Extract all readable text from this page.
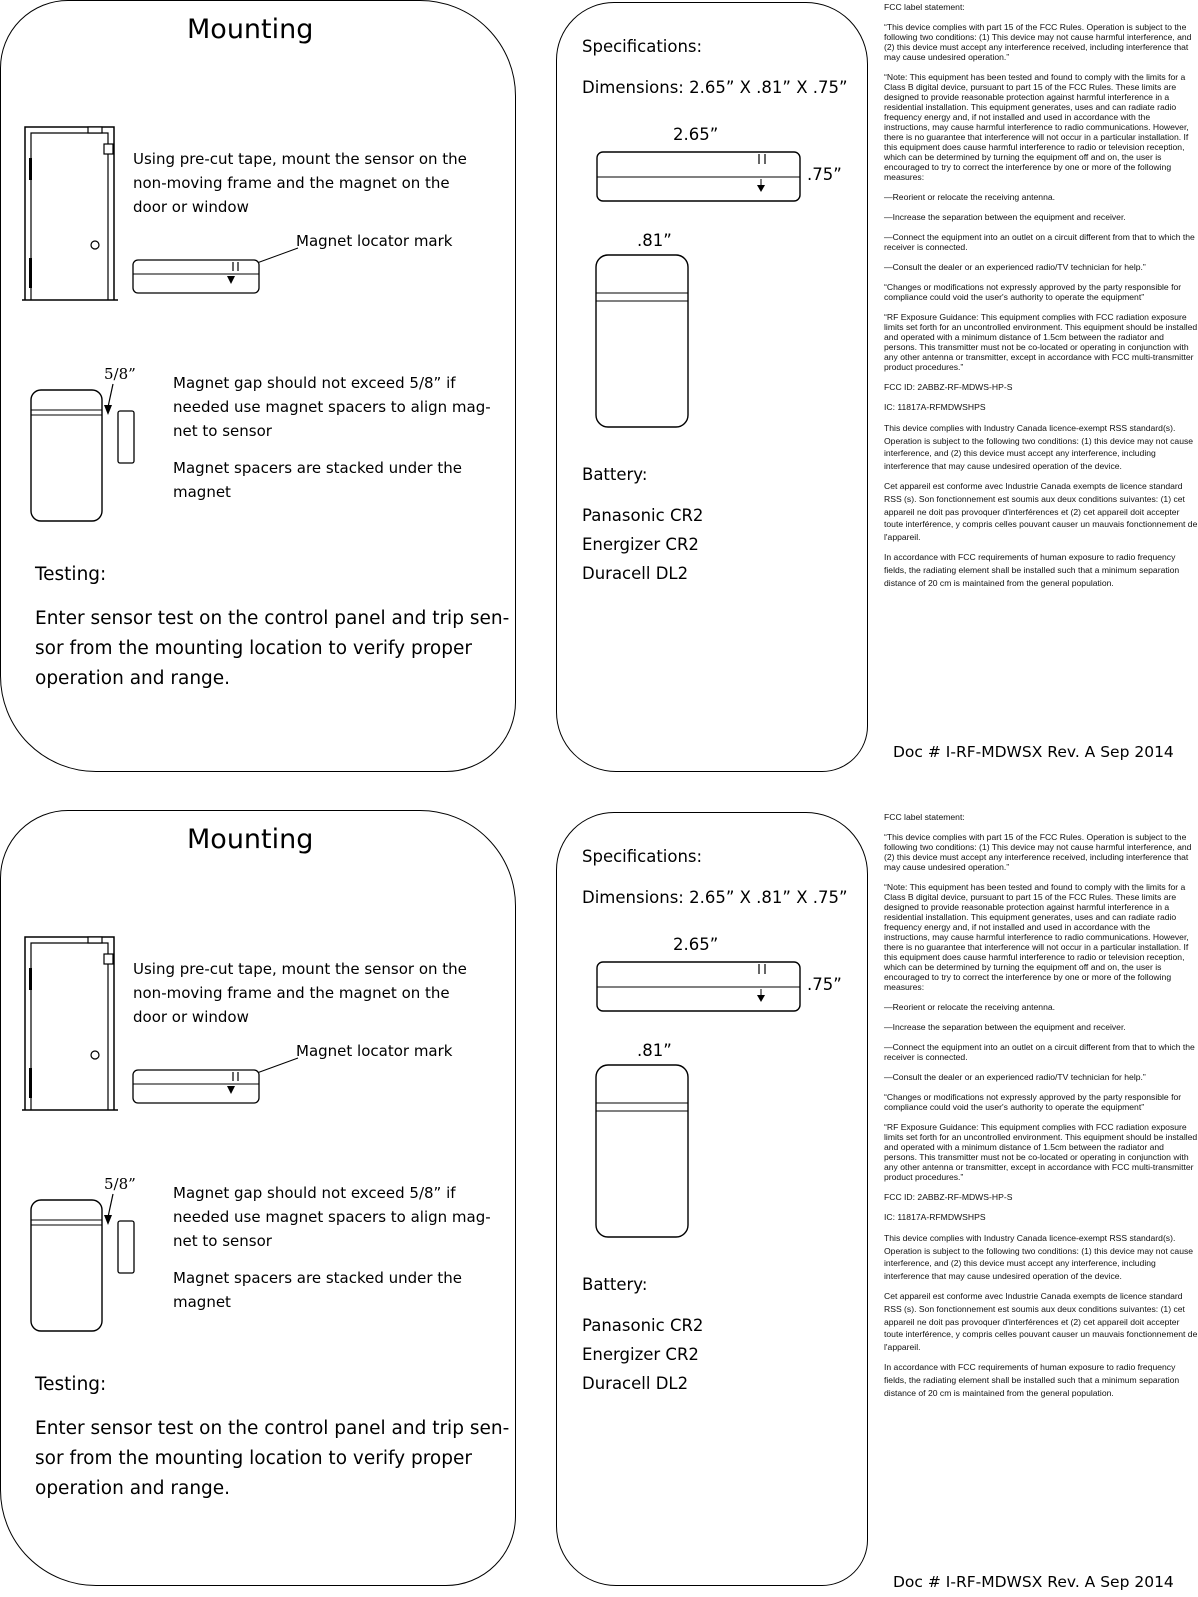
Mounting
Using pre-cut tape, mount the sensor on the
non-moving frame and the magnet on the
door or window
Magnet locator mark
5/8” Magnet gap should not exceed 5/8” if
needed use magnet spacers to align mag-
net to sensor
Magnet spacers are stacked under the
magnet
Testing:
Enter sensor test on the control panel and trip sen-
sor from the mounting location to verify proper
operation and range.
Specifications:
Dimensions: 2.65” X .81” X .75”
2.65”
.75”
.81”
Battery:
Panasonic CR2
Energizer CR2
Duracell DL2

FCC label statement:

“This device complies with part 15 of the FCC Rules. Operation is subject to the following two conditions: (1) This device may not cause harmful interference, and (2) this device must accept any interference received, including interference that may cause undesired operation.”

“Note: This equipment has been tested and found to comply with the limits for a Class B digital device, pursuant to part 15 of the FCC Rules. These limits are designed to provide reasonable protection against harmful interference in a residential installation. This equipment generates, uses and can radiate radio frequency energy and, if not installed and used in accordance with the instructions, may cause harmful interference to radio communications. However, there is no guarantee that interference will not occur in a particular installation. If this equipment does cause harmful interference to radio or television reception, which can be determined by turning the equipment off and on, the user is encouraged to try to correct the interference by one or more of the following measures:

—Reorient or relocate the receiving antenna.

—Increase the separation between the equipment and receiver.

—Connect the equipment into an outlet on a circuit different from that to which the receiver is connected.

—Consult the dealer or an experienced radio/TV technician for help.”

“Changes or modifications not expressly approved by the party responsible for compliance could void the user's authority to operate the equipment”

“RF Exposure Guidance: This equipment complies with FCC radiation exposure limits set forth for an uncontrolled environment. This equipment should be installed and operated with a minimum distance of 1.5cm between the radiator and persons. This transmitter must not be co-located or operating in conjunction with any other antenna or transmitter, except in accordance with FCC multi-transmitter product procedures.”

FCC ID: 2ABBZ-RF-MDWS-HP-S

IC: 11817A-RFMDWSHPS

This device complies with Industry Canada licence-exempt RSS standard(s). Operation is subject to the following two conditions: (1) this device may not cause interference, and (2) this device must accept any interference, including interference that may cause undesired operation of the device.

Cet appareil est conforme avec Industrie Canada exempts de licence standard RSS (s). Son fonctionnement est soumis aux deux conditions suivantes: (1) cet appareil ne doit pas provoquer d'interférences et (2) cet appareil doit accepter toute interférence, y compris celles pouvant causer un mauvais fonctionnement de l'appareil.

In accordance with FCC requirements of human exposure to radio frequency fields, the radiating element shall be installed such that a minimum separation distance of 20 cm is maintained from the general population.

Doc # I-RF-MDWSX Rev. A Sep 2014
Mounting
Using pre-cut tape, mount the sensor on the
non-moving frame and the magnet on the
door or window
Magnet locator mark
5/8” Magnet gap should not exceed 5/8” if
needed use magnet spacers to align mag-
net to sensor
Magnet spacers are stacked under the
magnet
Testing:
Enter sensor test on the control panel and trip sen-
sor from the mounting location to verify proper
operation and range.
Specifications:
Dimensions: 2.65” X .81” X .75”
2.65”
.75”
.81”
Battery:
Panasonic CR2
Energizer CR2
Duracell DL2

FCC label statement:

“This device complies with part 15 of the FCC Rules. Operation is subject to the following two conditions: (1) This device may not cause harmful interference, and (2) this device must accept any interference received, including interference that may cause undesired operation.”

“Note: This equipment has been tested and found to comply with the limits for a Class B digital device, pursuant to part 15 of the FCC Rules. These limits are designed to provide reasonable protection against harmful interference in a residential installation. This equipment generates, uses and can radiate radio frequency energy and, if not installed and used in accordance with the instructions, may cause harmful interference to radio communications. However, there is no guarantee that interference will not occur in a particular installation. If this equipment does cause harmful interference to radio or television reception, which can be determined by turning the equipment off and on, the user is encouraged to try to correct the interference by one or more of the following measures:

—Reorient or relocate the receiving antenna.

—Increase the separation between the equipment and receiver.

—Connect the equipment into an outlet on a circuit different from that to which the receiver is connected.

—Consult the dealer or an experienced radio/TV technician for help.”

“Changes or modifications not expressly approved by the party responsible for compliance could void the user's authority to operate the equipment”

“RF Exposure Guidance: This equipment complies with FCC radiation exposure limits set forth for an uncontrolled environment. This equipment should be installed and operated with a minimum distance of 1.5cm between the radiator and persons. This transmitter must not be co-located or operating in conjunction with any other antenna or transmitter, except in accordance with FCC multi-transmitter product procedures.”

FCC ID: 2ABBZ-RF-MDWS-HP-S

IC: 11817A-RFMDWSHPS

This device complies with Industry Canada licence-exempt RSS standard(s). Operation is subject to the following two conditions: (1) this device may not cause interference, and (2) this device must accept any interference, including interference that may cause undesired operation of the device.

Cet appareil est conforme avec Industrie Canada exempts de licence standard RSS (s). Son fonctionnement est soumis aux deux conditions suivantes: (1) cet appareil ne doit pas provoquer d'interférences et (2) cet appareil doit accepter toute interférence, y compris celles pouvant causer un mauvais fonctionnement de l'appareil.

In accordance with FCC requirements of human exposure to radio frequency fields, the radiating element shall be installed such that a minimum separation distance of 20 cm is maintained from the general population.

Doc # I-RF-MDWSX Rev. A Sep 2014
